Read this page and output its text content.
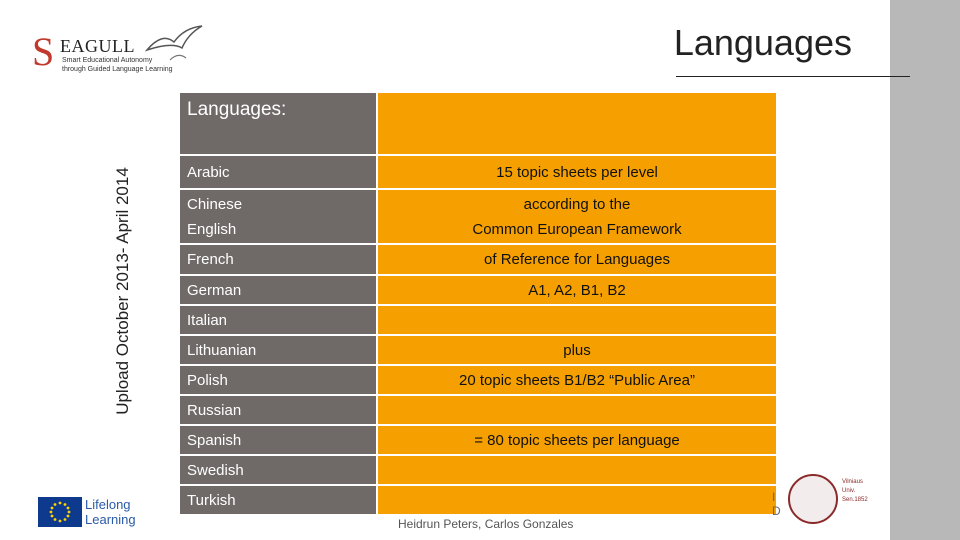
S EAGULL
Smart Educational Autonomy
through Guided Language Learning
Languages
Upload October 2013- April 2014
Languages:
Arabic	15 topic sheets per level
Chinese	according to the
English	Common European Framework
French	of Reference for Languages
German	A1, A2, B1, B2
Italian
Lithuanian	plus
Polish	20 topic sheets B1/B2 “Public Area”
Russian
Spanish	= 80 topic sheets per language
Swedish
Turkish
Lifelong
Learning
I
D
Vilniaus
Univ.
Sen.1852
Heidrun Peters, Carlos Gonzales
